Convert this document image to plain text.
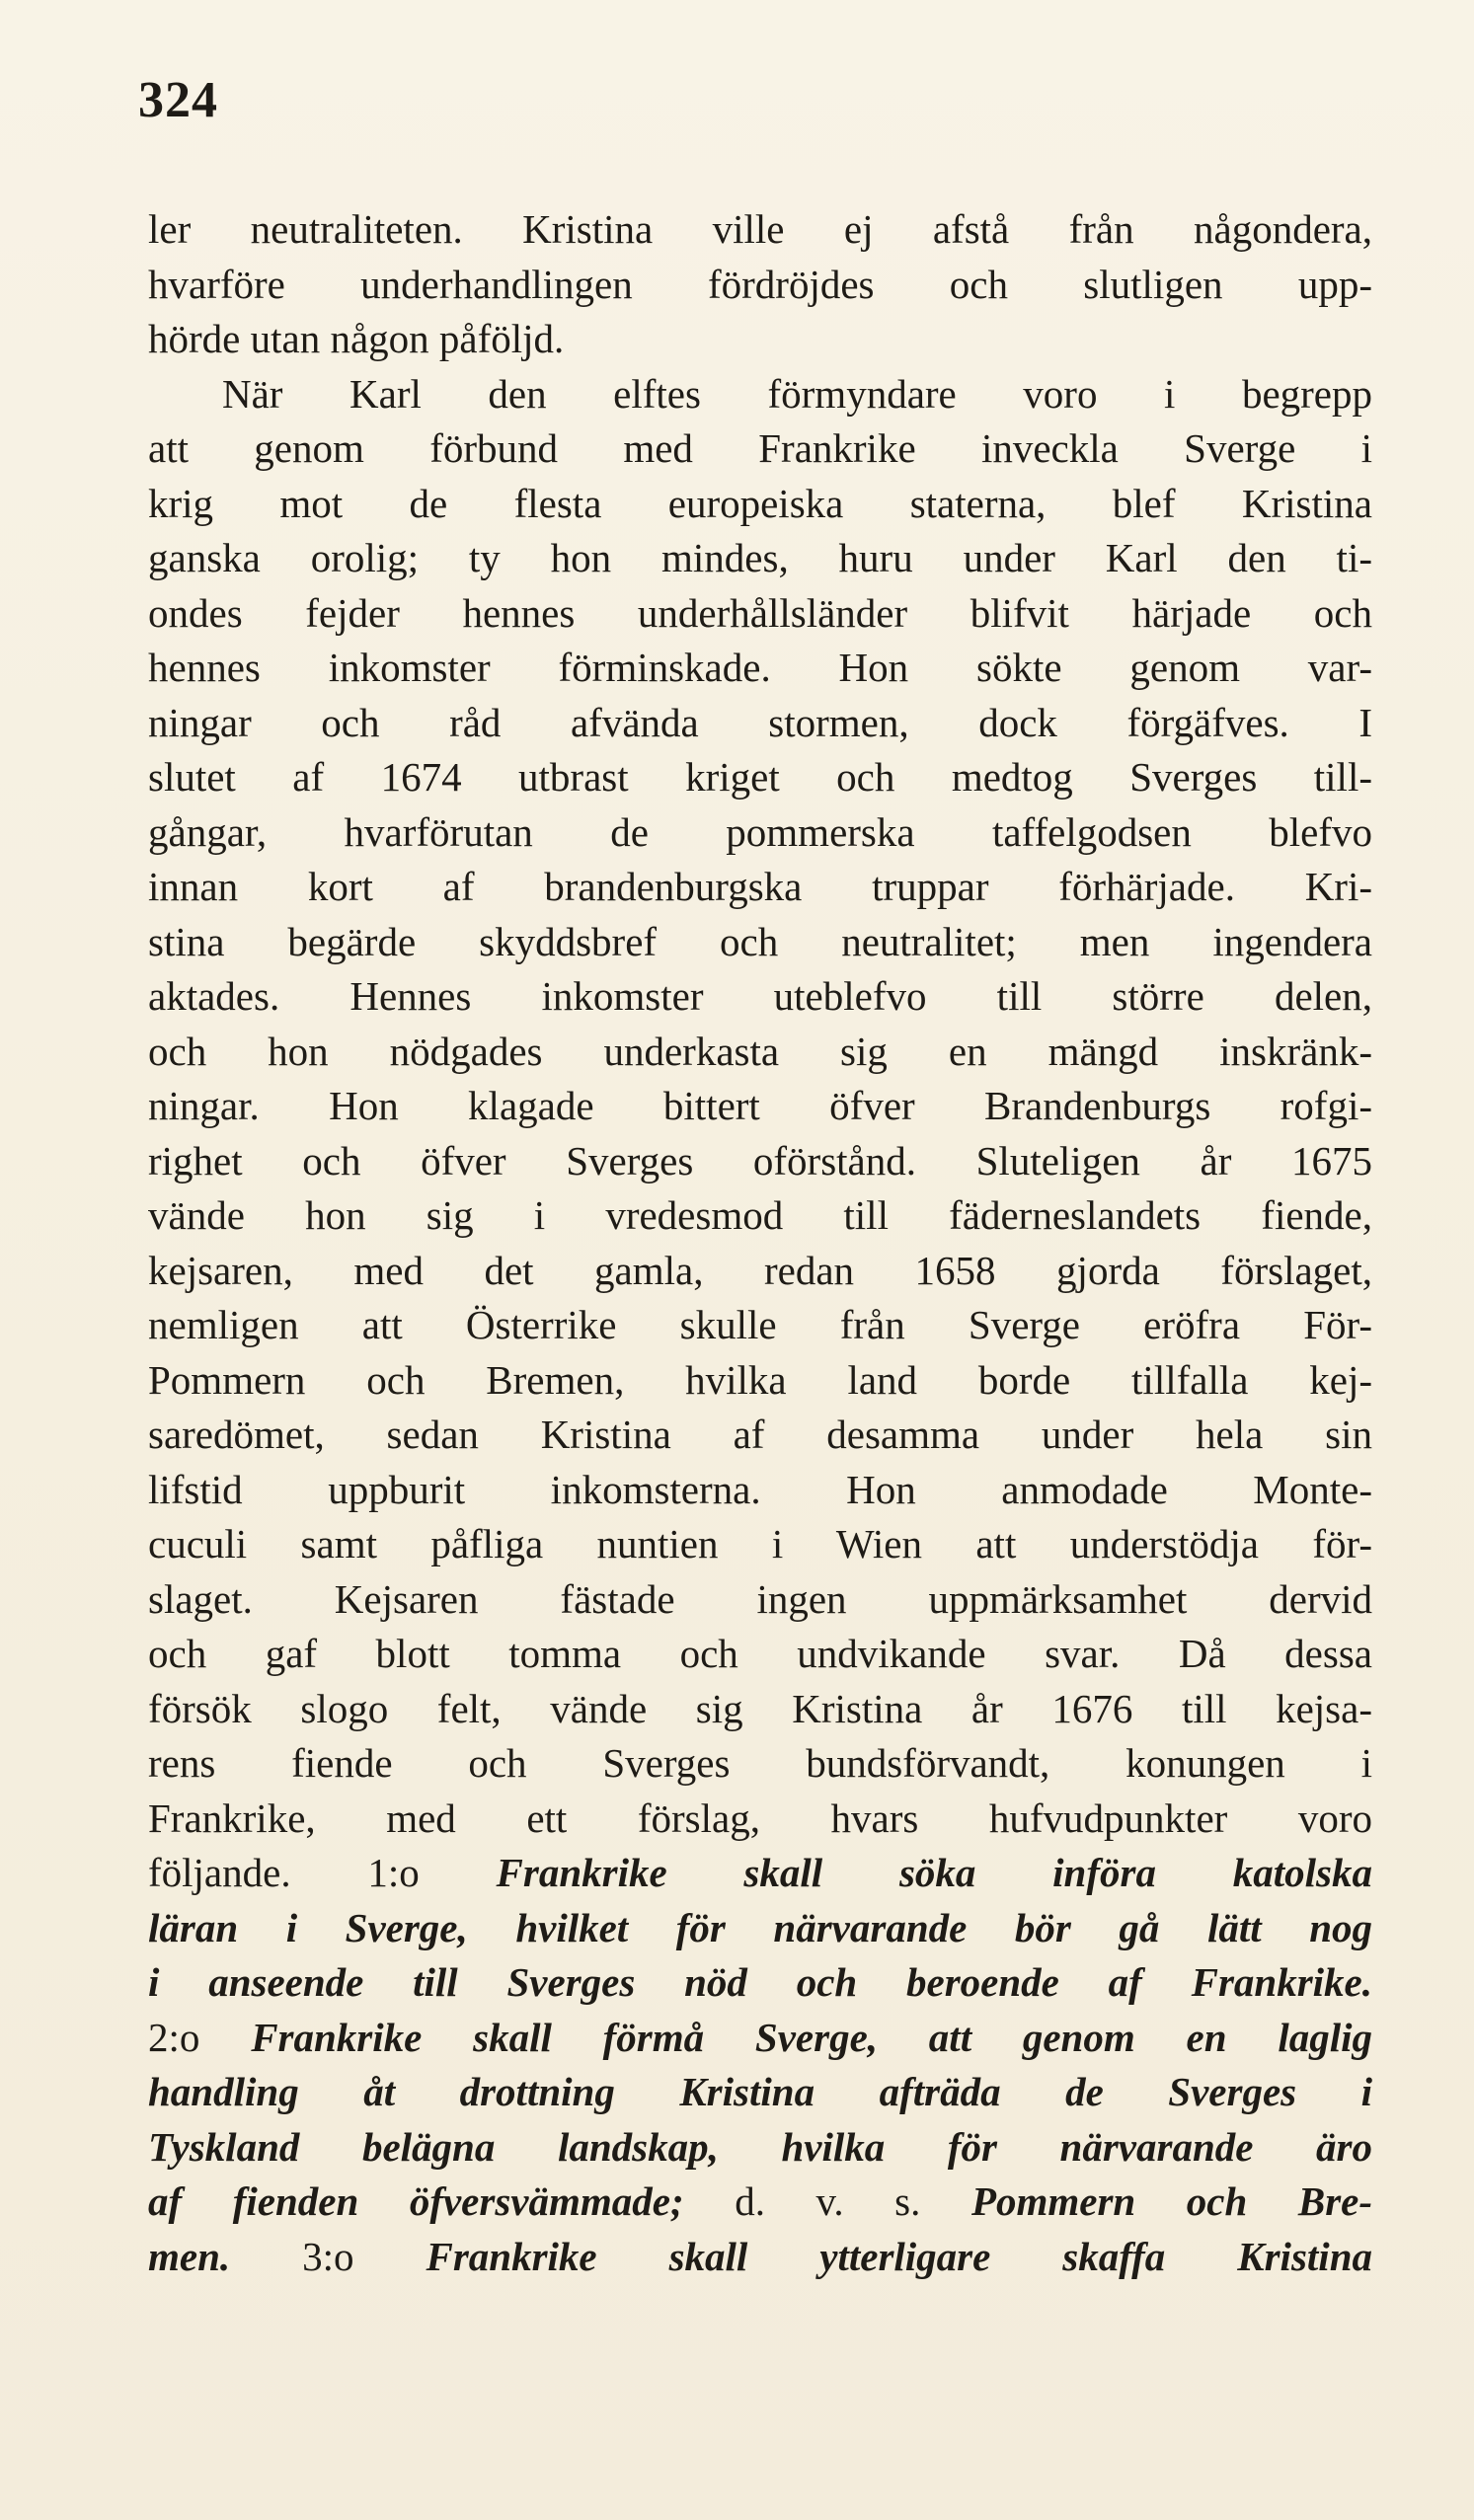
324
ler neutraliteten. Kristina ville ej afstå från någondera,
hvarföre underhandlingen fördröjdes och slutligen upp-
hörde utan någon påföljd.
När Karl den elftes förmyndare voro i begrepp
att genom förbund med Frankrike inveckla Sverge i
krig mot de flesta europeiska staterna, blef Kristina
ganska orolig; ty hon mindes, huru under Karl den ti-
ondes fejder hennes underhållsländer blifvit härjade och
hennes inkomster förminskade. Hon sökte genom var-
ningar och råd afvända stormen, dock förgäfves. I
slutet af 1674 utbrast kriget och medtog Sverges till-
gångar, hvarförutan de pommerska taffelgodsen blefvo
innan kort af brandenburgska truppar förhärjade. Kri-
stina begärde skyddsbref och neutralitet; men ingendera
aktades. Hennes inkomster uteblefvo till större delen,
och hon nödgades underkasta sig en mängd inskränk-
ningar. Hon klagade bittert öfver Brandenburgs rofgi-
righet och öfver Sverges oförstånd. Sluteligen år 1675
vände hon sig i vredesmod till fäderneslandets fiende,
kejsaren, med det gamla, redan 1658 gjorda förslaget,
nemligen att Österrike skulle från Sverge eröfra För-
Pommern och Bremen, hvilka land borde tillfalla kej-
saredömet, sedan Kristina af desamma under hela sin
lifstid uppburit inkomsterna. Hon anmodade Monte-
cuculi samt påfliga nuntien i Wien att understödja för-
slaget. Kejsaren fästade ingen uppmärksamhet dervid
och gaf blott tomma och undvikande svar. Då dessa
försök slogo felt, vände sig Kristina år 1676 till kejsa-
rens fiende och Sverges bundsförvandt, konungen i
Frankrike, med ett förslag, hvars hufvudpunkter voro
följande. 1:o Frankrike skall söka införa katolska
läran i Sverge, hvilket för närvarande bör gå lätt nog
i anseende till Sverges nöd och beroende af Frankrike.
2:o Frankrike skall förmå Sverge, att genom en laglig
handling åt drottning Kristina afträda de Sverges i
Tyskland belägna landskap, hvilka för närvarande äro
af fienden öfversvämmade; d. v. s. Pommern och Bre-
men. 3:o Frankrike skall ytterligare skaffa Kristina
